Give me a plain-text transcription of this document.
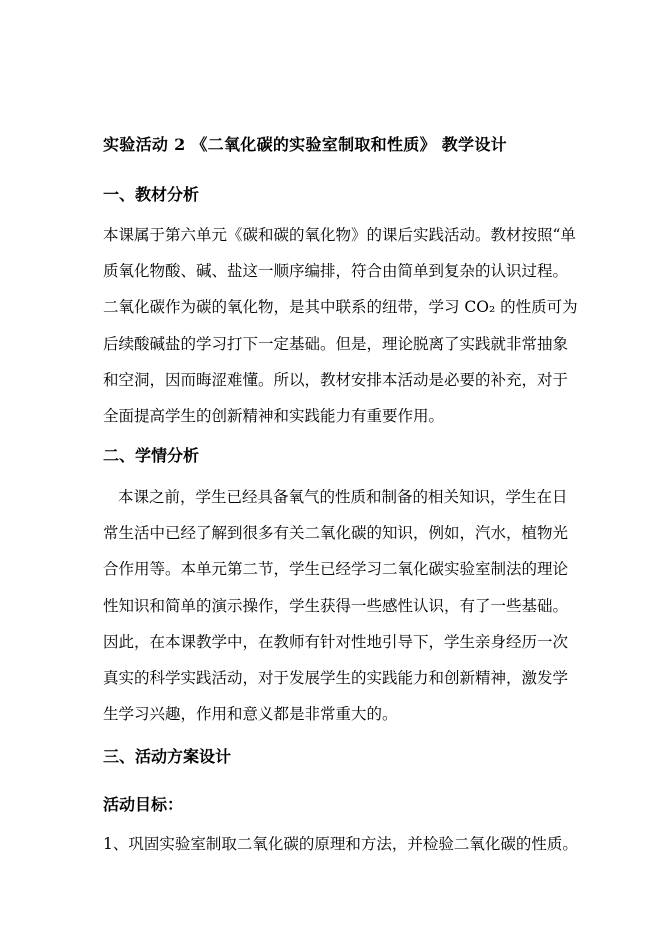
实验活动 2 《二氧化碳的实验室制取和性质》 教学设计
一、教材分析
本课属于第六单元《碳和碳的氧化物》的课后实践活动。教材按照“单
质氧化物酸、碱、盐这一顺序编排，符合由简单到复杂的认识过程。
二氧化碳作为碳的氧化物，是其中联系的纽带，学习 CO₂ 的性质可为
后续酸碱盐的学习打下一定基础。但是，理论脱离了实践就非常抽象
和空洞，因而晦涩难懂。所以，教材安排本活动是必要的补充，对于
全面提高学生的创新精神和实践能力有重要作用。
二、学情分析
本课之前，学生已经具备氧气的性质和制备的相关知识，学生在日
常生活中已经了解到很多有关二氧化碳的知识，例如，汽水，植物光
合作用等。本单元第二节，学生已经学习二氧化碳实验室制法的理论
性知识和简单的演示操作，学生获得一些感性认识，有了一些基础。
因此，在本课教学中，在教师有针对性地引导下，学生亲身经历一次
真实的科学实践活动，对于发展学生的实践能力和创新精神，激发学
生学习兴趣，作用和意义都是非常重大的。
三、活动方案设计
活动目标：
1、巩固实验室制取二氧化碳的原理和方法，并检验二氧化碳的性质。
